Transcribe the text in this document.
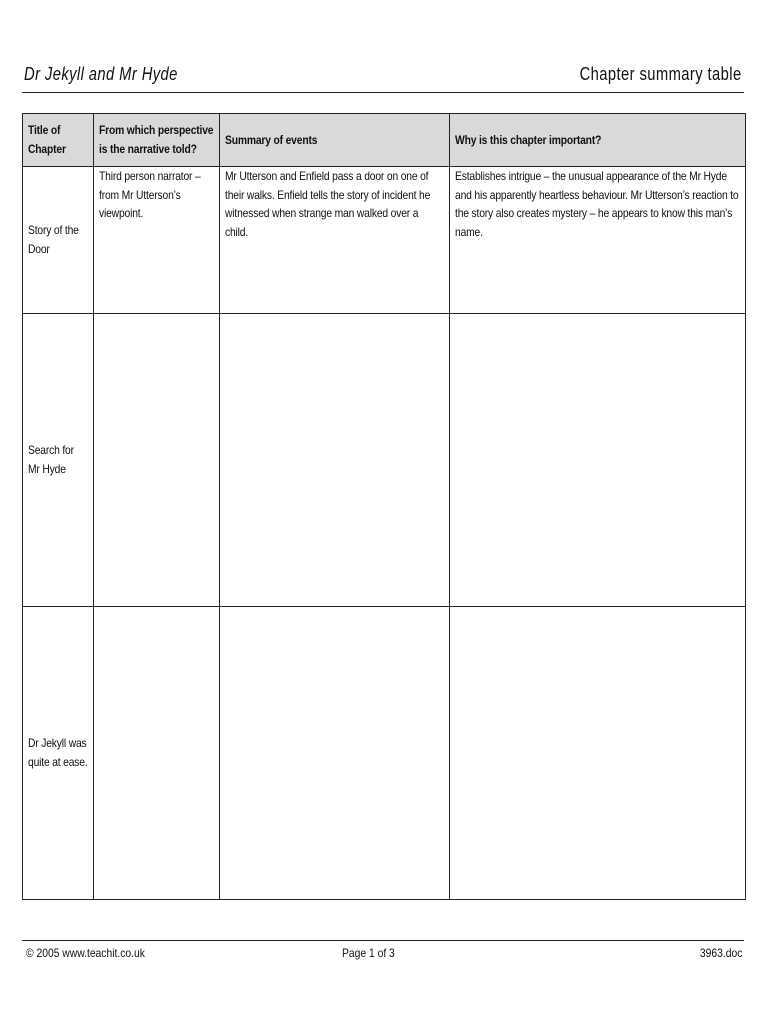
Dr Jekyll and Mr Hyde	Chapter summary table
Title of Chapter	From which perspective is the narrative told?	Summary of events	Why is this chapter important?
Story of the Door	Third person narrator – from Mr Utterson’s viewpoint.	Mr Utterson and Enfield pass a door on one of their walks. Enfield tells the story of incident he witnessed when strange man walked over a child.	Establishes intrigue – the unusual appearance of the Mr Hyde and his apparently heartless behaviour. Mr Utterson’s reaction to the story also creates mystery – he appears to know this man’s name.
Search for Mr Hyde			
Dr Jekyll was quite at ease.			
© 2005 www.teachit.co.uk	Page 1 of 3	3963.doc
